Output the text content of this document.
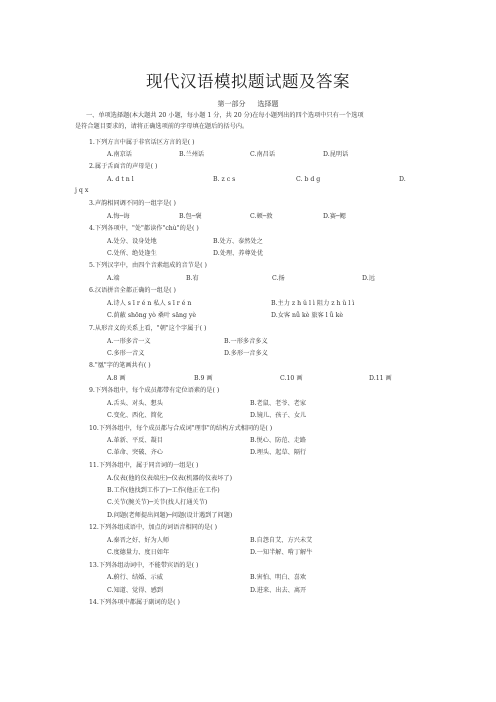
现代汉语模拟题试题及答案
第一部分 选择题
一、单项选择题(本大题共 20 小题，每小题 1 分，共 20 分)在每小题列出的四个选项中只有一个选项
是符合题目要求的，请将正确选项前的字母填在题后的括号内。
1.下列方言中属于非官话区方言的是( )
A.南京话	B.兰州话	C.南昌话	D.昆明话
2.属于舌面音的声母是( )
A. d t n l	B. z c s	C. b d g	D.
j q x
3.声韵相同调不同的一组字是( )
A.悔─诲	B.包─褒	C.顿─敦	D.赛─鳃
4.下列各项中，"处"都读作"chù"的是( )
A.处分、设身处地	B.处方、泰然处之
C.处所、绝处逢生	D.处理、养尊处优
5.下列汉字中，由四个音素组成的音节是( )
A.端	B.宥	C.扬	D.远
6.汉语拼音全都正确的一组是( )
A.诗人 s ī r é n 私人 s ī r é n	B.主力 z h ǔ l ì 阻力 z h ǔ l ì
C.荫蔽 shōng yò 桑叶 sāng yè	D.女客 nǚ kè 旅客 l ǚ kè
7.从形音义的关系上看，"朝"这个字属于( )
A.一形多音一义	B.一形多音多义
C.多形一音义	D.多形一音多义
8."凰"字的笔画共有( )
A.8 画	B.9 画	C.10 画	D.11 画
9.下列各组中，每个成员都带有定位语素的是( )
A.舌头、对头、想头	B.老鼠、老爷、老家
C.变化、西化、简化	D.镜儿、孩子、女儿
10.下列各组中，每个成员都与合成词"理事"的结构方式相同的是( )
A.革新、平反、凝目	B.悦心、防范、走路
C.革命、突破、齐心	D.埋头、起草、隔行
11.下列各组中，属于同音词的一组是( )
A.仪表(他的仪表端庄)─仪表(机器的仪表坏了)
B.工作(他找到工作了)─工作(他正在工作)
C.关节(腕关节)─关节(找人打通关节)
D.问题(老师提出问题)─问题(设计遇到了问题)
12.下列各组成语中，加点的词语音相同的是( )
A.秦晋之好、好为人师	B.自怨自艾、方兴未艾
C.度德量力、度日如年	D.一知半解、啃丁解牛
13.下列各组动词中，不能带宾语的是( )
A.蔚行、结婚、示威	B.害怕、明白、喜欢
C.知道、觉得、感到	D.进来、出去、离开
14.下列各项中都属于副词的是( )
